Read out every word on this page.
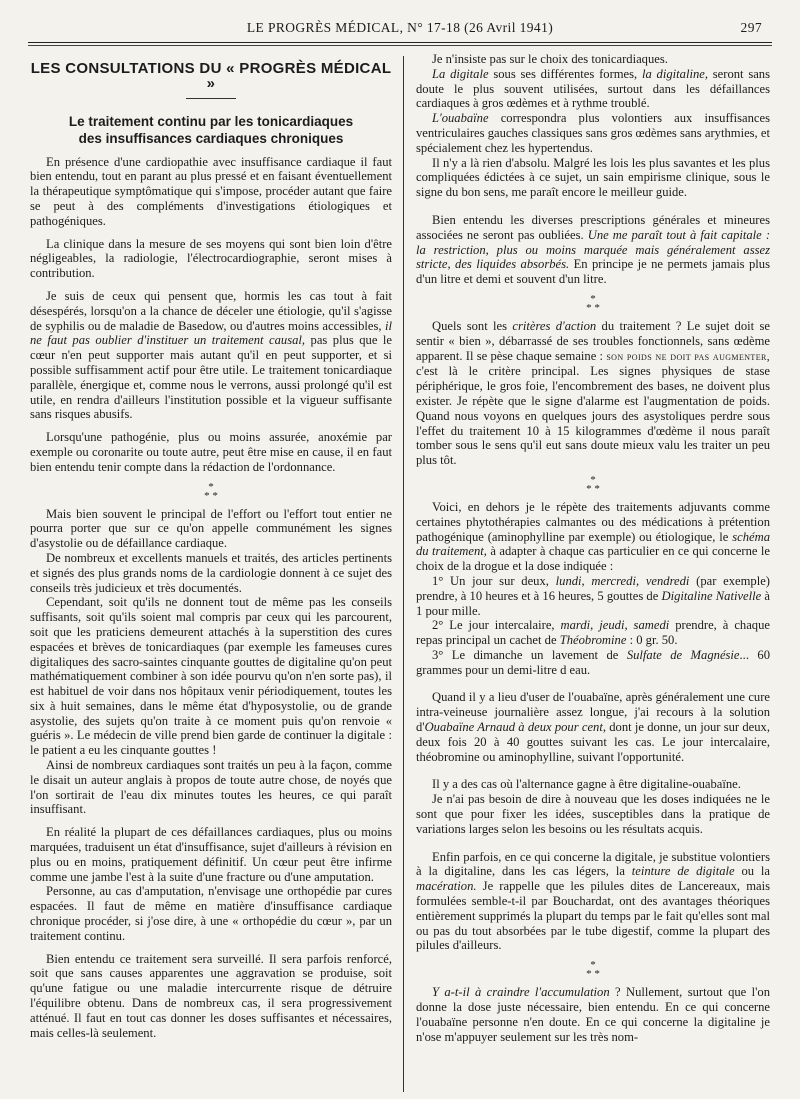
LE PROGRÈS MÉDICAL, N° 17-18 (26 Avril 1941)	297
LES CONSULTATIONS DU « PROGRÈS MÉDICAL »
Le traitement continu par les tonicardiaques
des insuffisances cardiaques chroniques

En présence d'une cardiopathie avec insuffisance cardiaque il faut bien entendu, tout en parant au plus pressé et en faisant éventuellement la thérapeutique symptômatique qui s'impose, procéder autant que faire se peut à des compléments d'investigations étiologiques et pathogéniques.

La clinique dans la mesure de ses moyens qui sont bien loin d'être négligeables, la radiologie, l'électrocardiographie, seront mises à contribution.

Je suis de ceux qui pensent que, hormis les cas tout à fait désespérés, lorsqu'on a la chance de déceler une étiologie, qu'il s'agisse de syphilis ou de maladie de Basedow, ou d'autres moins accessibles, il ne faut pas oublier d'instituer un traitement causal, pas plus que le cœur n'en peut supporter mais autant qu'il en peut supporter, et si possible suffisamment actif pour être utile. Le traitement tonicardiaque parallèle, énergique et, comme nous le verrons, aussi prolongé qu'il est utile, en rendra d'ailleurs l'institution possible et la vigueur suffisante sans risques abusifs.

Lorsqu'une pathogénie, plus ou moins assurée, anoxémie par exemple ou coronarite ou toute autre, peut être mise en cause, il en faut bien entendu tenir compte dans la rédaction de l'ordonnance.

*
* *

Mais bien souvent le principal de l'effort ou l'effort tout entier ne pourra porter que sur ce qu'on appelle communément les signes d'asystolie ou de défaillance cardiaque.

De nombreux et excellents manuels et traités, des articles pertinents et signés des plus grands noms de la cardiologie donnent à ce sujet des conseils très judicieux et très documentés.

Cependant, soit qu'ils ne donnent tout de même pas les conseils suffisants, soit qu'ils soient mal compris par ceux qui les parcourent, soit que les praticiens demeurent attachés à la superstition des cures espacées et brèves de tonicardiaques (par exemple les fameuses cures digitaliques des sacro-saintes cinquante gouttes de digitaline qu'on peut mathématiquement combiner à son idée pourvu qu'on n'en sorte pas), il est habituel de voir dans nos hôpitaux venir périodiquement, toutes les six à huit semaines, dans le même état d'hyposystolie, ou de grande asystolie, des sujets qu'on traite à ce moment puis qu'on renvoie « guéris ». Le médecin de ville prend bien garde de continuer la digitale : le patient a eu les cinquante gouttes !

Ainsi de nombreux cardiaques sont traités un peu à la façon, comme le disait un auteur anglais à propos de toute autre chose, de noyés que l'on sortirait de l'eau dix minutes toutes les heures, ce qui paraît insuffisant.

En réalité la plupart de ces défaillances cardiaques, plus ou moins marquées, traduisent un état d'insuffisance, sujet d'ailleurs à révision en plus ou en moins, pratiquement définitif. Un cœur peut être infirme comme une jambe l'est à la suite d'une fracture ou d'une amputation.

Personne, au cas d'amputation, n'envisage une orthopédie par cures espacées. Il faut de même en matière d'insuffisance cardiaque chronique procéder, si j'ose dire, à une « orthopédie du cœur », par un traitement continu.

Bien entendu ce traitement sera surveillé. Il sera parfois renforcé, soit que sans causes apparentes une aggravation se produise, soit qu'une fatigue ou une maladie intercurrente risque de détruire l'équilibre obtenu. Dans de nombreux cas, il sera progressivement atténué. Il faut en tout cas donner les doses suffisantes et nécessaires, mais celles-là seulement.

Je n'insiste pas sur le choix des tonicardiaques.

La digitale sous ses différentes formes, la digitaline, seront sans doute le plus souvent utilisées, surtout dans les défaillances cardiaques à gros œdèmes et à rythme troublé.

L'ouabaïne correspondra plus volontiers aux insuffisances ventriculaires gauches classiques sans gros œdèmes sans arythmies, et spécialement chez les hypertendus.

Il n'y a là rien d'absolu. Malgré les lois les plus savantes et les plus compliquées édictées à ce sujet, un sain empirisme clinique, sous le signe du bon sens, me paraît encore le meilleur guide.

Bien entendu les diverses prescriptions générales et mineures associées ne seront pas oubliées. Une me paraît tout à fait capitale : la restriction, plus ou moins marquée mais généralement assez stricte, des liquides absorbés. En principe je ne permets jamais plus d'un litre et demi et souvent d'un litre.

*
* *

Quels sont les critères d'action du traitement ? Le sujet doit se sentir « bien », débarrassé de ses troubles fonctionnels, sans œdème apparent. Il se pèse chaque semaine : son poids ne doit pas augmenter, c'est là le critère principal. Les signes physiques de stase périphérique, le gros foie, l'encombrement des bases, ne doivent plus exister. Je répète que le signe d'alarme est l'augmentation de poids. Quand nous voyons en quelques jours des asystoliques perdre sous l'effet du traitement 10 à 15 kilogrammes d'œdème il nous paraît tomber sous le sens qu'il eut sans doute mieux valu les traiter un peu plus tôt.

*
* *

Voici, en dehors je le répète des traitements adjuvants comme certaines phytothérapies calmantes ou des médications à prétention pathogénique (aminophylline par exemple) ou étiologique, le schéma du traitement, à adapter à chaque cas particulier en ce qui concerne le choix de la drogue et la dose indiquée :

1° Un jour sur deux, lundi, mercredi, vendredi (par exemple) prendre, à 10 heures et à 16 heures, 5 gouttes de Digitaline Nativelle à 1 pour mille.

2° Le jour intercalaire, mardi, jeudi, samedi prendre, à chaque repas principal un cachet de Théobromine : 0 gr. 50.

3° Le dimanche un lavement de Sulfate de Magnésie... 60 grammes pour un demi-litre d eau.

Quand il y a lieu d'user de l'ouabaïne, après généralement une cure intra-veineuse journalière assez longue, j'ai recours à la solution d'Ouabaïne Arnaud à deux pour cent, dont je donne, un jour sur deux, deux fois 20 à 40 gouttes suivant les cas. Le jour intercalaire, théobromine ou aminophylline, suivant l'opportunité.

Il y a des cas où l'alternance gagne à être digitaline-ouabaïne.

Je n'ai pas besoin de dire à nouveau que les doses indiquées ne le sont que pour fixer les idées, susceptibles dans la pratique de variations larges selon les besoins ou les résultats acquis.

Enfin parfois, en ce qui concerne la digitale, je substitue volontiers à la digitaline, dans les cas légers, la teinture de digitale ou la macération. Je rappelle que les pilules dites de Lancereaux, mais formulées semble-t-il par Bouchardat, ont des avantages théoriques entièrement supprimés la plupart du temps par le fait qu'elles sont mal ou pas du tout absorbées par le tube digestif, comme la plupart des pilules d'ailleurs.

*
* *

Y a-t-il à craindre l'accumulation ? Nullement, surtout que l'on donne la dose juste nécessaire, bien entendu. En ce qui concerne l'ouabaïne personne n'en doute. En ce qui concerne la digitaline je n'ose m'appuyer seulement sur les très nom-
